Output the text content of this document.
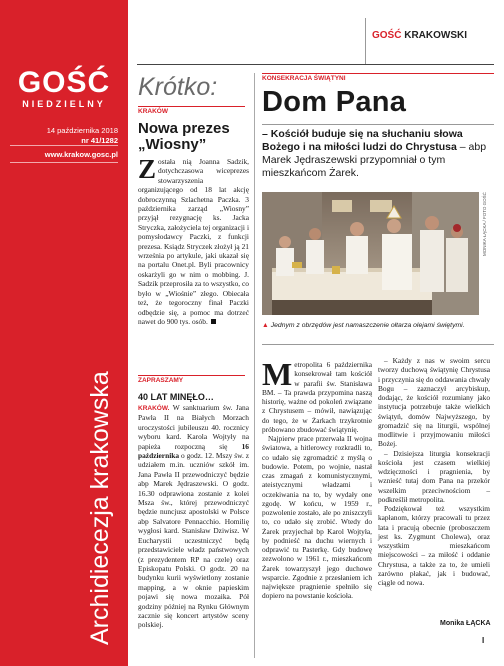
GOŚĆ
NIEDZIELNY
14 października 2018
nr 41/1282
www.krakow.gosc.pl
Archidiecezja krakowska
GOŚĆ KRAKOWSKI
Krótko:
KRAKÓW
Nowa prezes „Wiosny”
Została nią Joanna Sadzik, dotychczasowa wiceprezes stowarzyszenia organizującego od 18 lat akcję dobroczynną Szlachetna Paczka. 3 października zarząd „Wiosny” przyjął rezygnację ks. Jacka Stryczka, założyciela tej organizacji i pomysłodawcy Paczki, z funkcji prezesa. Ksiądz Stryczek złożył ją 21 września po artykule, jaki ukazał się na portalu Onet.pl. Byli pracownicy oskarżyli go w nim o mobbing. J. Sadzik przeprosiła za to wszystko, co było w „Wiośnie” złego. Obiecała też, że tegoroczny finał Paczki odbędzie się, a pomoc ma dotrzeć nawet do 900 tys. osób.
ZAPRASZAMY
40 LAT MINĘŁO…
KRAKÓW. W sanktuarium św. Jana Pawła II na Białych Morzach uroczystości jubileuszu 40. rocznicy wyboru kard. Karola Wojtyły na papieża rozpoczną się 16 października o godz. 12. Mszy św. z udziałem m.in. uczniów szkół im. Jana Pawła II przewodniczyć będzie abp Marek Jędraszewski. O godz. 16.30 odprawiona zostanie z kolei Msza św., której przewodniczyć będzie nuncjusz apostolski w Polsce abp Salvatore Pennacchio. Homilię wygłosi kard. Stanisław Dziwisz. W Eucharystii uczestniczyć będą przedstawiciele władz państwowych (z prezydentem RP na czele) oraz Episkopatu Polski. O godz. 20 na budynku kurii wyświetlony zostanie mapping, a w oknie papieskim pojawi się nowa mozaika. Pół godziny później na Rynku Głównym zacznie się koncert artystów sceny polskiej.
KONSEKRACJA ŚWIĄTYNI
Dom Pana
– Kościół buduje się na słuchaniu słowa Bożego i na miłości ludzi do Chrystusa – abp Marek Jędraszewski przypomniał o tym mieszkańcom Żarek.
MONIKA ŁĄCKA / FOTO GOŚĆ
▲ Jednym z obrzędów jest namaszczenie ołtarza olejami świętymi.

Metropolita 6 października konsekrował tam kościół w parafii św. Stanisława BM. – Ta prawda przypomina naszą historię, ważne od pokoleń związane z Chrystusem – mówił, nawiązując do tego, że w Żarkach trzykrotnie próbowano zbudować świątynię.

Najpierw prace przerwała II wojna światowa, a hitlerowcy rozkradli to, co udało się zgromadzić z myślą o budowie. Potem, po wojnie, nastał czas zmagań z komunistycznymi, ateistycznymi władzami i oczekiwania na to, by wydały one zgodę. W końcu, w 1959 r., pozwolenie zostało, ale po zniszczyli to, co udało się zrobić. Wtedy do Żarek przyjechał bp Karol Wojtyła, by podnieść na duchu wiernych i odprawić tu Pasterkę. Gdy budowę zezwolono w 1961 r., mieszkańcom Żarek towarzyszył jego duchowe wsparcie. Zgodnie z przesłaniem ich największe pragnienie spełniło się dopiero na powstanie kościoła.

– Każdy z nas w swoim sercu tworzy duchową świątynię Chrystusa i przyczynia się do oddawania chwały Bogu – zaznaczył arcybiskup, dodając, że kościół rozumiany jako instytucja potrzebuje także wielkich świątyń, domów Najwyższego, by gromadzić się na liturgii, wspólnej modlitwie i przyjmowaniu miłości Bożej.

– Dzisiejsza liturgia konsekracji kościoła jest czasem wielkiej wdzięczności i pragnienia, by wznieść tutaj dom Pana na przekór wszelkim przeciwnościom – podkreślił metropolita.

Podziękował też wszystkim kapłanom, którzy pracowali tu przez lata i pracują obecnie (proboszczem jest ks. Zygmunt Cholewa), oraz wszystkim mieszkańcom miejscowości – za miłość i oddanie Chrystusa, a także za to, że umieli zarówno płakać, jak i budować, ciągle od nowa.

Monika ŁĄCKA
I
